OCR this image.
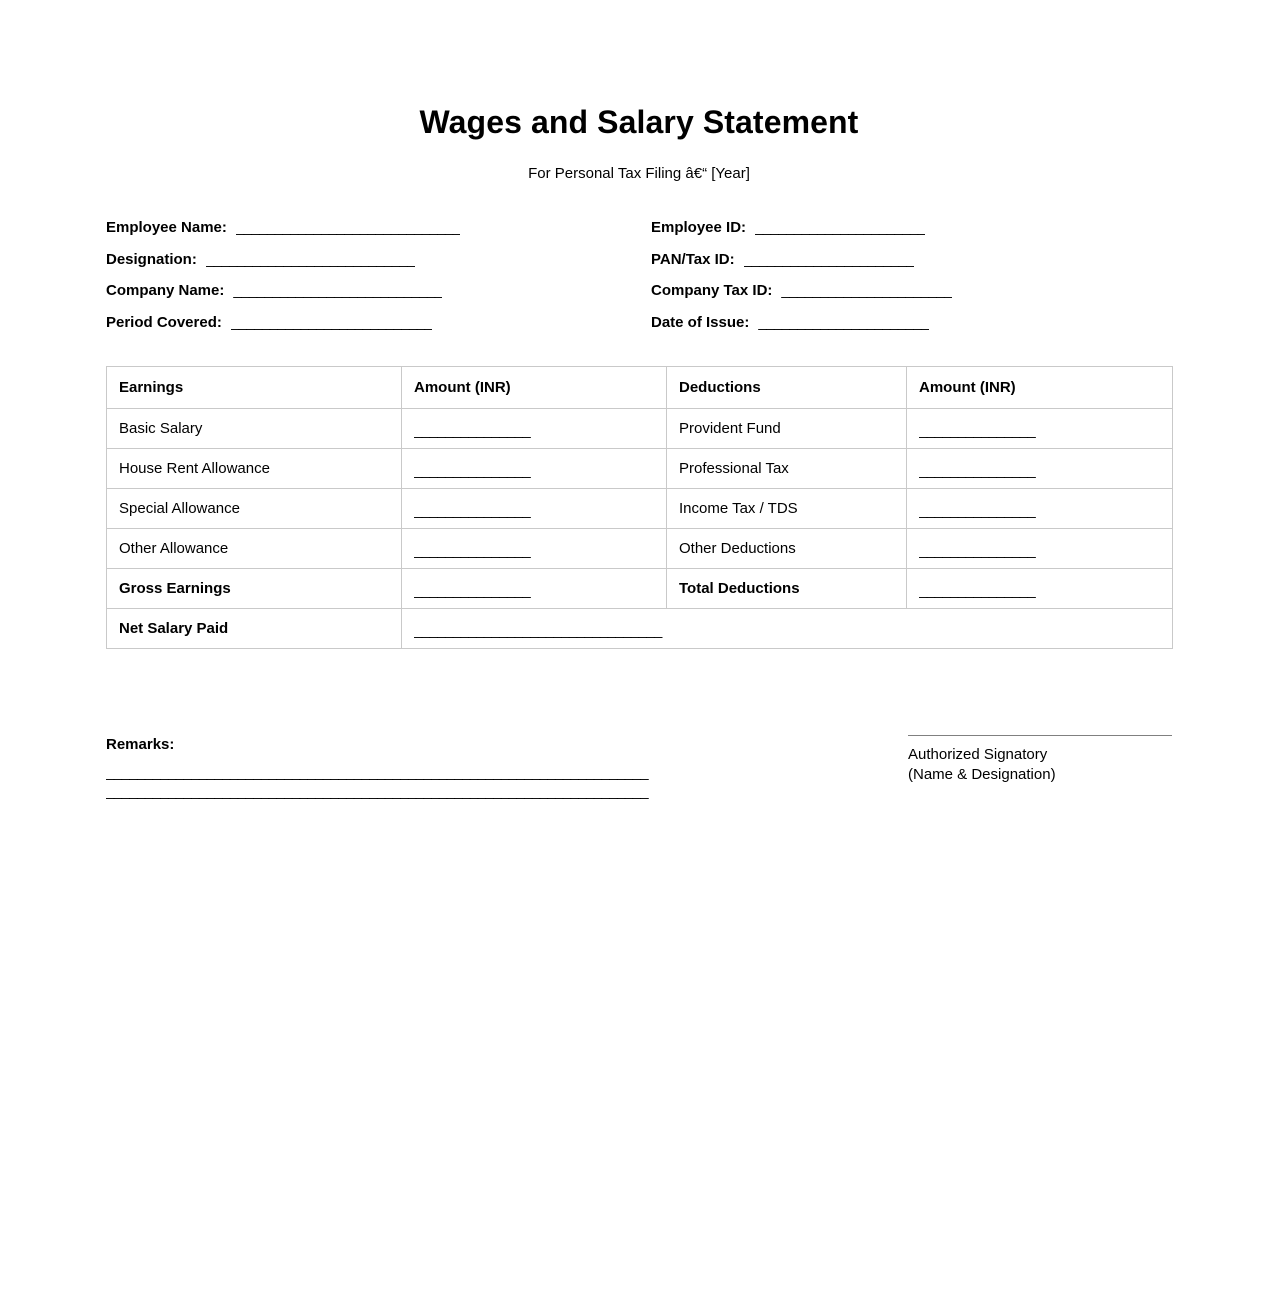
Wages and Salary Statement

For Personal Tax Filing â€“ [Year]

Employee Name: _____________________________	Employee ID: ______________________
Designation: ___________________________	PAN/Tax ID: ______________________
Company Name: ___________________________	Company Tax ID: ______________________
Period Covered: __________________________	Date of Issue: ______________________
Earnings	Amount (INR)	Deductions	Amount (INR)
Basic Salary	_______________	Provident Fund	_______________
House Rent Allowance	_______________	Professional Tax	_______________
Special Allowance	_______________	Income Tax / TDS	_______________
Other Allowance	_______________	Other Deductions	_______________
Gross Earnings	_______________	Total Deductions	_______________
Net Salary Paid	________________________________		
Remarks:
______________________________________________________________________
______________________________________________________________________
Authorized Signatory
(Name & Designation)
